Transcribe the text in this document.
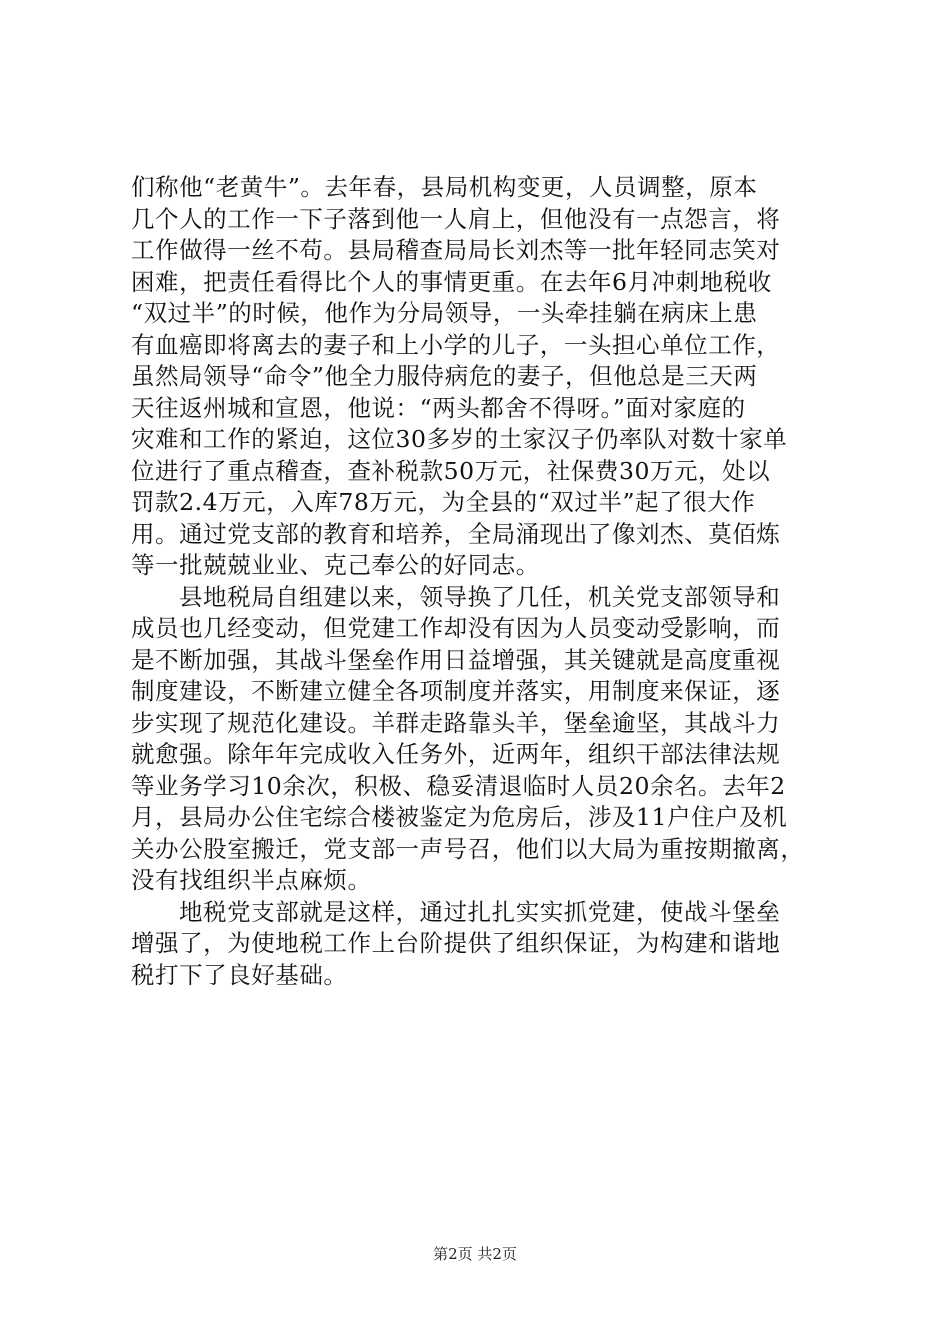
们称他“老黄牛”。去年春，县局机构变更，人员调整，原本
几个人的工作一下子落到他一人肩上，但他没有一点怨言，将
工作做得一丝不苟。县局稽查局局长刘杰等一批年轻同志笑对
困难，把责任看得比个人的事情更重。在去年6月冲刺地税收
“双过半”的时候，他作为分局领导，一头牵挂躺在病床上患
有血癌即将离去的妻子和上小学的儿子，一头担心单位工作，
虽然局领导“命令”他全力服侍病危的妻子，但他总是三天两
天往返州城和宣恩，他说：“两头都舍不得呀。”面对家庭的
灾难和工作的紧迫，这位30多岁的土家汉子仍率队对数十家单
位进行了重点稽查，查补税款50万元，社保费30万元，处以
罚款2.4万元，入库78万元，为全县的“双过半”起了很大作
用。通过党支部的教育和培养，全局涌现出了像刘杰、莫佰炼
等一批兢兢业业、克己奉公的好同志。
县地税局自组建以来，领导换了几任，机关党支部领导和
成员也几经变动，但党建工作却没有因为人员变动受影响，而
是不断加强，其战斗堡垒作用日益增强，其关键就是高度重视
制度建设，不断建立健全各项制度并落实，用制度来保证，逐
步实现了规范化建设。羊群走路靠头羊，堡垒逾坚，其战斗力
就愈强。除年年完成收入任务外，近两年，组织干部法律法规
等业务学习10余次，积极、稳妥清退临时人员20余名。去年2
月，县局办公住宅综合楼被鉴定为危房后，涉及11户住户及机
关办公股室搬迁，党支部一声号召，他们以大局为重按期撤离，
没有找组织半点麻烦。
地税党支部就是这样，通过扎扎实实抓党建，使战斗堡垒
增强了，为使地税工作上台阶提供了组织保证，为构建和谐地
税打下了良好基础。
第2页 共2页
